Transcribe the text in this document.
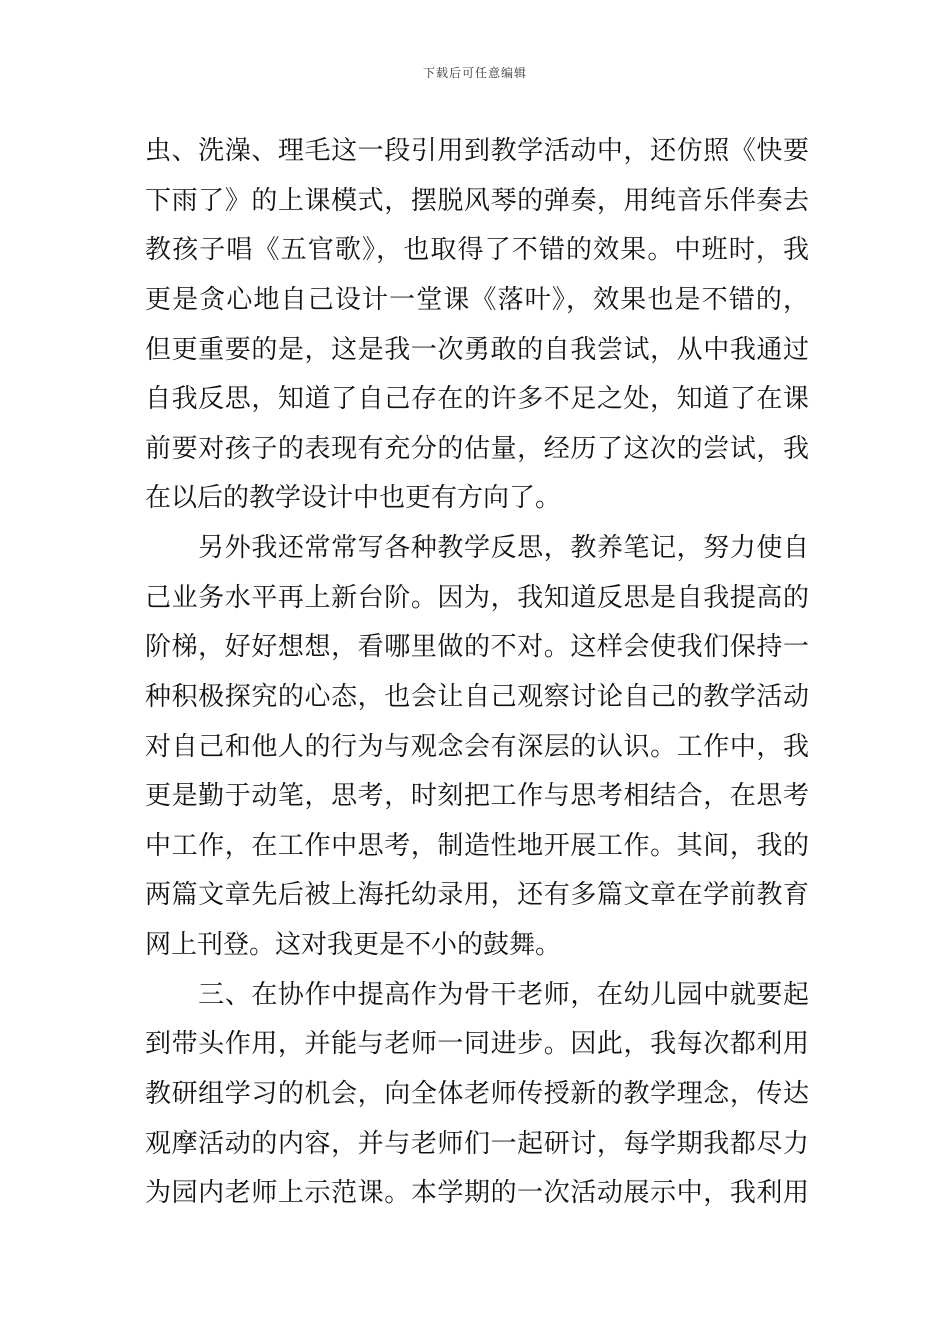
下载后可任意编辑
虫、洗澡、理毛这一段引用到教学活动中，还仿照《快要
下雨了》的上课模式，摆脱风琴的弹奏，用纯音乐伴奏去
教孩子唱《五官歌》，也取得了不错的效果。中班时，我
更是贪心地自己设计一堂课《落叶》，效果也是不错的，
但更重要的是，这是我一次勇敢的自我尝试，从中我通过
自我反思，知道了自己存在的许多不足之处，知道了在课
前要对孩子的表现有充分的估量，经历了这次的尝试，我
在以后的教学设计中也更有方向了。
　　另外我还常常写各种教学反思，教养笔记，努力使自
己业务水平再上新台阶。因为，我知道反思是自我提高的
阶梯，好好想想，看哪里做的不对。这样会使我们保持一
种积极探究的心态，也会让自己观察讨论自己的教学活动
对自己和他人的行为与观念会有深层的认识。工作中，我
更是勤于动笔，思考，时刻把工作与思考相结合，在思考
中工作，在工作中思考，制造性地开展工作。其间，我的
两篇文章先后被上海托幼录用，还有多篇文章在学前教育
网上刊登。这对我更是不小的鼓舞。
　　三、在协作中提高作为骨干老师，在幼儿园中就要起
到带头作用，并能与老师一同进步。因此，我每次都利用
教研组学习的机会，向全体老师传授新的教学理念，传达
观摩活动的内容，并与老师们一起研讨，每学期我都尽力
为园内老师上示范课。本学期的一次活动展示中，我利用
